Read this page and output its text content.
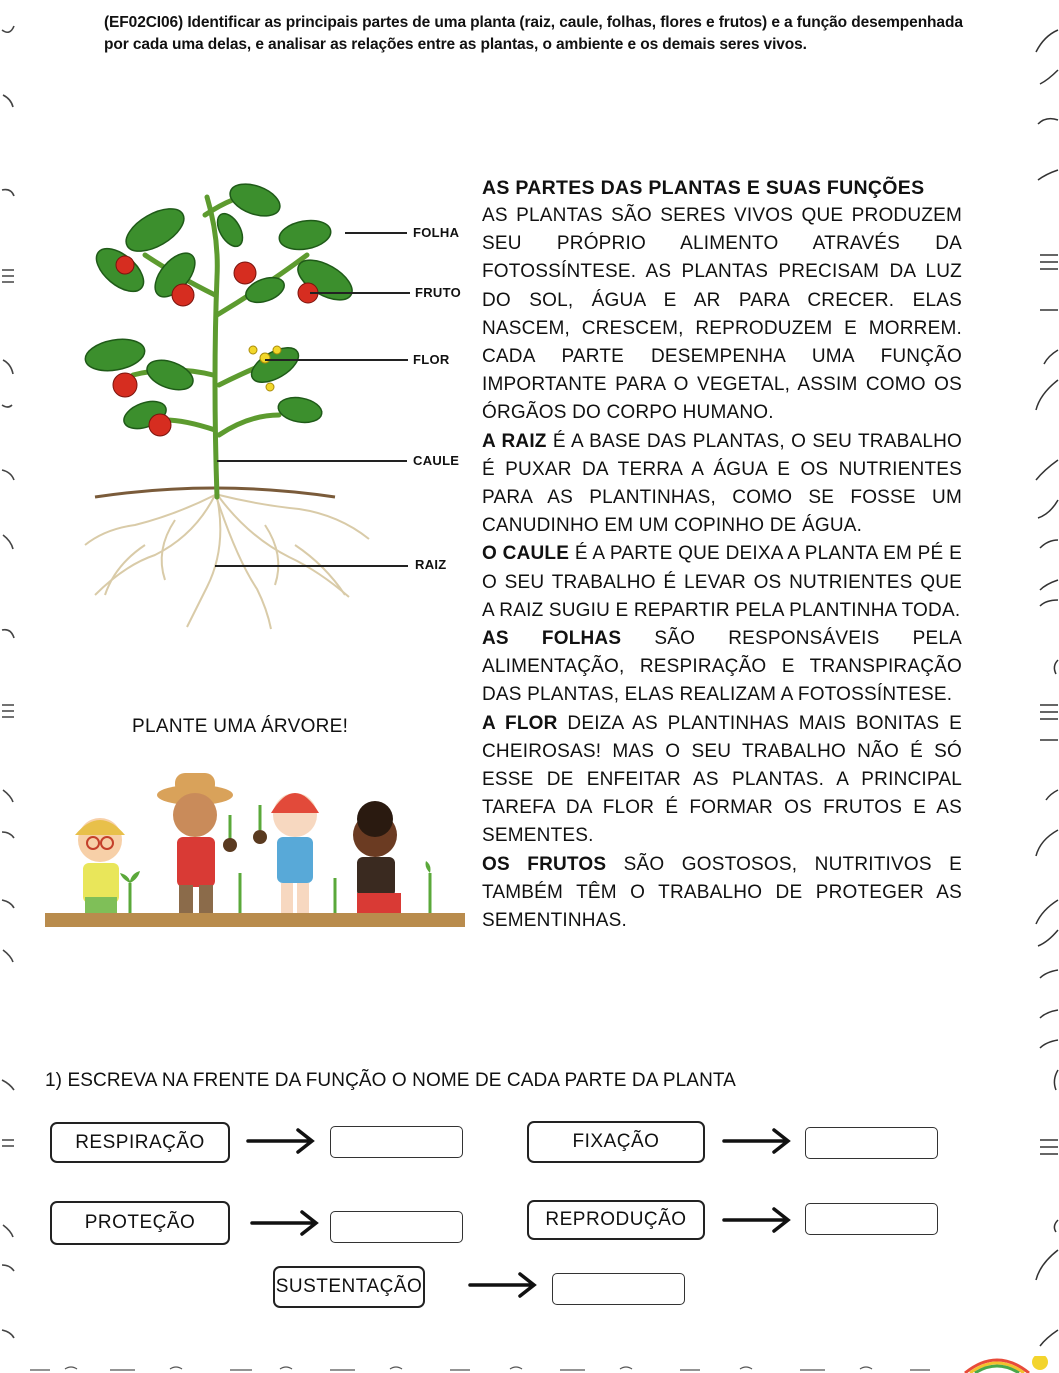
(EF02CI06) Identificar as principais partes de uma planta (raiz, caule, folhas, flores e frutos) e a função desempenhada por cada uma delas, e analisar as relações entre as plantas, o ambiente e os demais seres vivos.
FOLHA
FRUTO
FLOR
CAULE
RAIZ
PLANTE UMA ÁRVORE!
AS PARTES DAS PLANTAS E SUAS FUNÇÕES
AS PLANTAS SÃO SERES VIVOS QUE PRODUZEM SEU PRÓPRIO ALIMENTO ATRAVÉS DA FOTOSSÍNTESE. AS PLANTAS PRECISAM DA LUZ DO SOL, ÁGUA E AR PARA CRECER. ELAS NASCEM, CRESCEM, REPRODUZEM E MORREM. CADA PARTE DESEMPENHA UMA FUNÇÃO IMPORTANTE PARA O VEGETAL, ASSIM COMO OS ÓRGÃOS DO CORPO HUMANO.
A RAIZ É A BASE DAS PLANTAS, O SEU TRABALHO É PUXAR DA TERRA A ÁGUA E OS NUTRIENTES PARA AS PLANTINHAS, COMO SE FOSSE UM CANUDINHO EM UM COPINHO DE ÁGUA.
O CAULE É A PARTE QUE DEIXA A PLANTA EM PÉ E O SEU TRABALHO É LEVAR OS NUTRIENTES QUE A RAIZ SUGIU E REPARTIR PELA PLANTINHA TODA.
AS FOLHAS SÃO RESPONSÁVEIS PELA ALIMENTAÇÃO, RESPIRAÇÃO E TRANSPIRAÇÃO DAS PLANTAS, ELAS REALIZAM A FOTOSSÍNTESE.
A FLOR DEIZA AS PLANTINHAS MAIS BONITAS E CHEIROSAS! MAS O SEU TRABALHO NÃO É SÓ ESSE DE ENFEITAR AS PLANTAS. A PRINCIPAL TAREFA DA FLOR É FORMAR OS FRUTOS E AS SEMENTES.
OS FRUTOS SÃO GOSTOSOS, NUTRITIVOS E TAMBÉM TÊM O TRABALHO DE PROTEGER AS SEMENTINHAS.
1) ESCREVA NA FRENTE DA FUNÇÃO O NOME DE CADA PARTE DA PLANTA
RESPIRAÇÃO	FIXAÇÃO
PROTEÇÃO	REPRODUÇÃO
SUSTENTAÇÃO
